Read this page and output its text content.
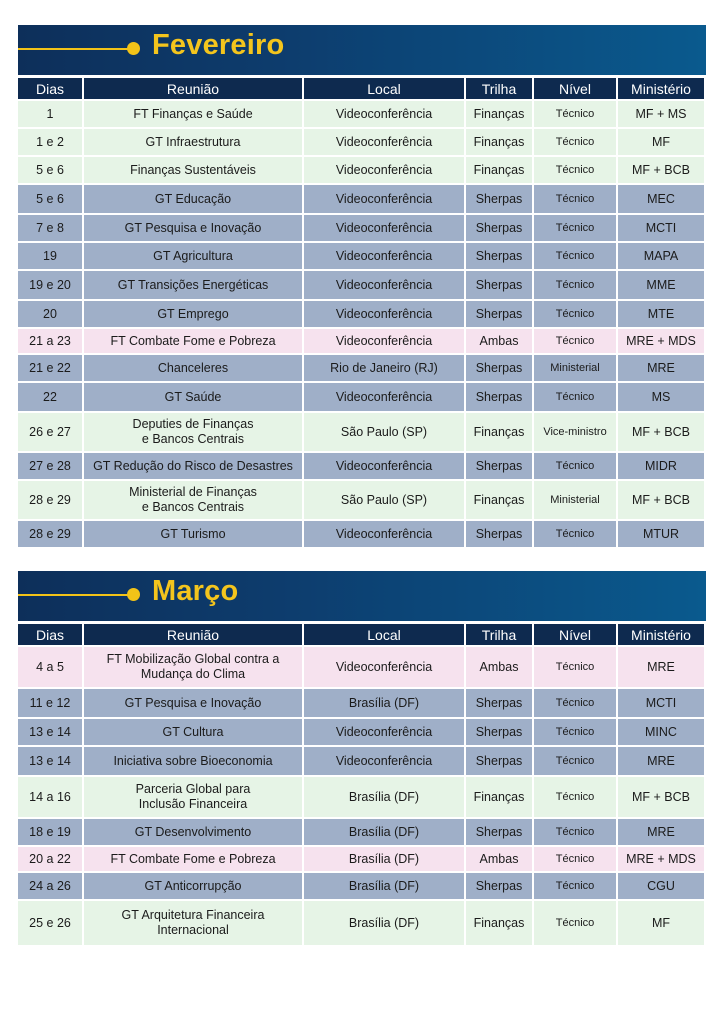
Fevereiro
Dias	Reunião	Local	Trilha	Nível	Ministério
1	FT Finanças e Saúde	Videoconferência	Finanças	Técnico	MF + MS
1 e 2	GT Infraestrutura	Videoconferência	Finanças	Técnico	MF
5 e 6	Finanças Sustentáveis	Videoconferência	Finanças	Técnico	MF + BCB
5 e 6	GT Educação	Videoconferência	Sherpas	Técnico	MEC
7 e 8	GT Pesquisa e Inovação	Videoconferência	Sherpas	Técnico	MCTI
19	GT Agricultura	Videoconferência	Sherpas	Técnico	MAPA
19 e 20	GT Transições Energéticas	Videoconferência	Sherpas	Técnico	MME
20	GT Emprego	Videoconferência	Sherpas	Técnico	MTE
21 a 23	FT Combate Fome e Pobreza	Videoconferência	Ambas	Técnico	MRE + MDS
21 e 22	Chanceleres	Rio de Janeiro (RJ)	Sherpas	Ministerial	MRE
22	GT Saúde	Videoconferência	Sherpas	Técnico	MS
26 e 27	Deputies de Finanças
e Bancos Centrais	São Paulo (SP)	Finanças	Vice-ministro	MF + BCB
27 e 28	GT Redução do Risco de Desastres	Videoconferência	Sherpas	Técnico	MIDR
28 e 29	Ministerial de Finanças
e Bancos Centrais	São Paulo (SP)	Finanças	Ministerial	MF + BCB
28 e 29	GT Turismo	Videoconferência	Sherpas	Técnico	MTUR
Março
Dias	Reunião	Local	Trilha	Nível	Ministério
4 a 5	FT Mobilização Global contra a
Mudança do Clima	Videoconferência	Ambas	Técnico	MRE
11 e 12	GT Pesquisa e Inovação	Brasília (DF)	Sherpas	Técnico	MCTI
13 e 14	GT Cultura	Videoconferência	Sherpas	Técnico	MINC
13 e 14	Iniciativa sobre Bioeconomia	Videoconferência	Sherpas	Técnico	MRE
14 a 16	Parceria Global para
Inclusão Financeira	Brasília (DF)	Finanças	Técnico	MF + BCB
18 e 19	GT Desenvolvimento	Brasília (DF)	Sherpas	Técnico	MRE
20 a 22	FT Combate Fome e Pobreza	Brasília (DF)	Ambas	Técnico	MRE + MDS
24 a 26	GT Anticorrupção	Brasília (DF)	Sherpas	Técnico	CGU
25 e 26	GT Arquitetura Financeira
Internacional	Brasília (DF)	Finanças	Técnico	MF
